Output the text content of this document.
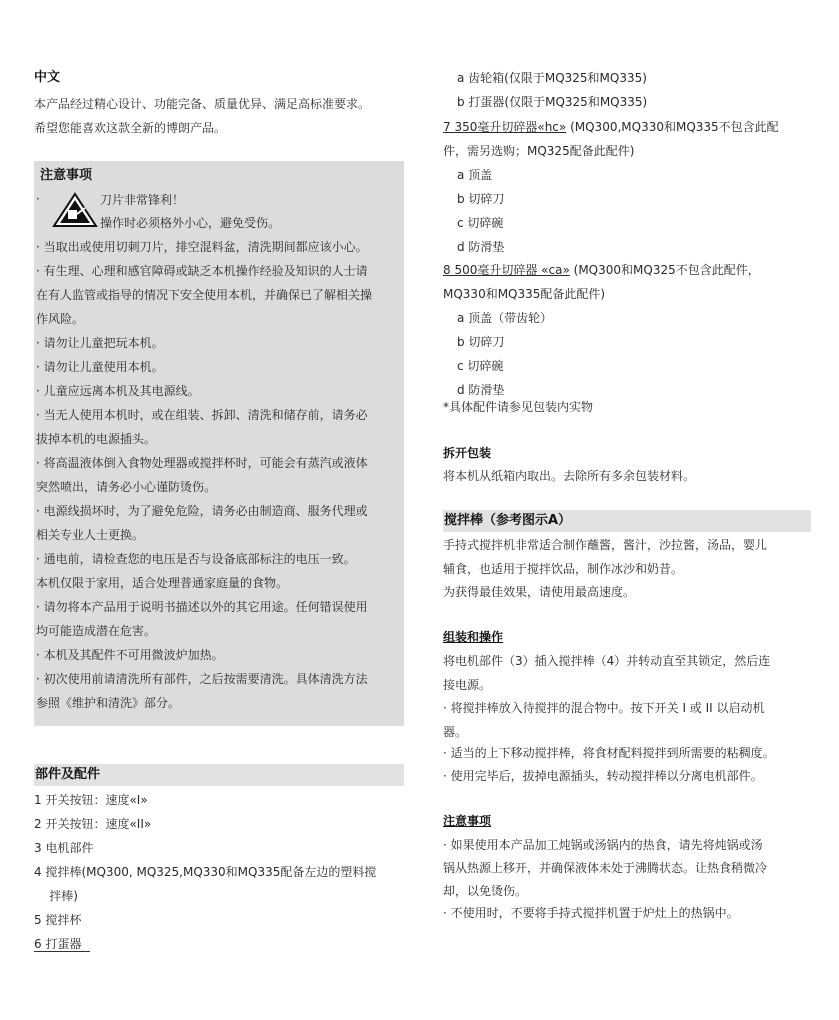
中文
本产品经过精心设计、功能完备、质量优异、满足高标准要求。
希望您能喜欢这款全新的博朗产品。
注意事项
·	刀片非常锋利！
操作时必须格外小心，避免受伤。
· 当取出或使用切刺刀片，排空混料盆，清洗期间都应该小心。
· 有生理、心理和感官障碍或缺乏本机操作经验及知识的人士请
在有人监管或指导的情况下安全使用本机，并确保已了解相关操
作风险。
· 请勿让儿童把玩本机。
· 请勿让儿童使用本机。
· 儿童应远离本机及其电源线。
· 当无人使用本机时，或在组装、拆卸、清洗和储存前，请务必
拔掉本机的电源插头。
· 将高温液体倒入食物处理器或搅拌杯时，可能会有蒸汽或液体
突然喷出，请务必小心谨防烫伤。
· 电源线损坏时，为了避免危险，请务必由制造商、服务代理或
相关专业人士更换。
· 通电前，请检查您的电压是否与设备底部标注的电压一致。
本机仅限于家用，适合处理普通家庭量的食物。
· 请勿将本产品用于说明书描述以外的其它用途。任何错误使用
均可能造成潜在危害。
· 本机及其配件不可用微波炉加热。
· 初次使用前请清洗所有部件，之后按需要清洗。具体清洗方法
参照《维护和清洗》部分。
部件及配件
1 开关按钮：速度«I»
2 开关按钮：速度«II»
3 电机部件
4 搅拌棒(MQ300, MQ325,MQ330和MQ335配备左边的塑料搅
拌棒)
5 搅拌杯
6 打蛋器
a 齿轮箱(仅限于MQ325和MQ335)
b 打蛋器(仅限于MQ325和MQ335)
7 350毫升切碎器«hc» (MQ300,MQ330和MQ335不包含此配
件，需另选购；MQ325配备此配件)
a 顶盖
b 切碎刀
c 切碎碗
d 防滑垫
8 500毫升切碎器 «ca» (MQ300和MQ325不包含此配件，
MQ330和MQ335配备此配件)
a 顶盖（带齿轮）
b 切碎刀
c 切碎碗
d 防滑垫
*具体配件请参见包装内实物
拆开包装
将本机从纸箱内取出。去除所有多余包装材料。
搅拌棒（参考图示A）
手持式搅拌机非常适合制作蘸酱，酱汁，沙拉酱，汤品，婴儿
辅食，也适用于搅拌饮品，制作冰沙和奶昔。
为获得最佳效果，请使用最高速度。
组装和操作
将电机部件（3）插入搅拌棒（4）并转动直至其锁定，然后连
接电源。
· 将搅拌棒放入待搅拌的混合物中。按下开关 I 或 II 以启动机
器。
· 适当的上下移动搅拌棒，将食材配料搅拌到所需要的粘稠度。
· 使用完毕后，拔掉电源插头，转动搅拌棒以分离电机部件。
注意事项
· 如果使用本产品加工炖锅或汤锅内的热食，请先将炖锅或汤
锅从热源上移开，并确保液体未处于沸腾状态。让热食稍微冷
却，以免烫伤。
· 不使用时，不要将手持式搅拌机置于炉灶上的热锅中。
